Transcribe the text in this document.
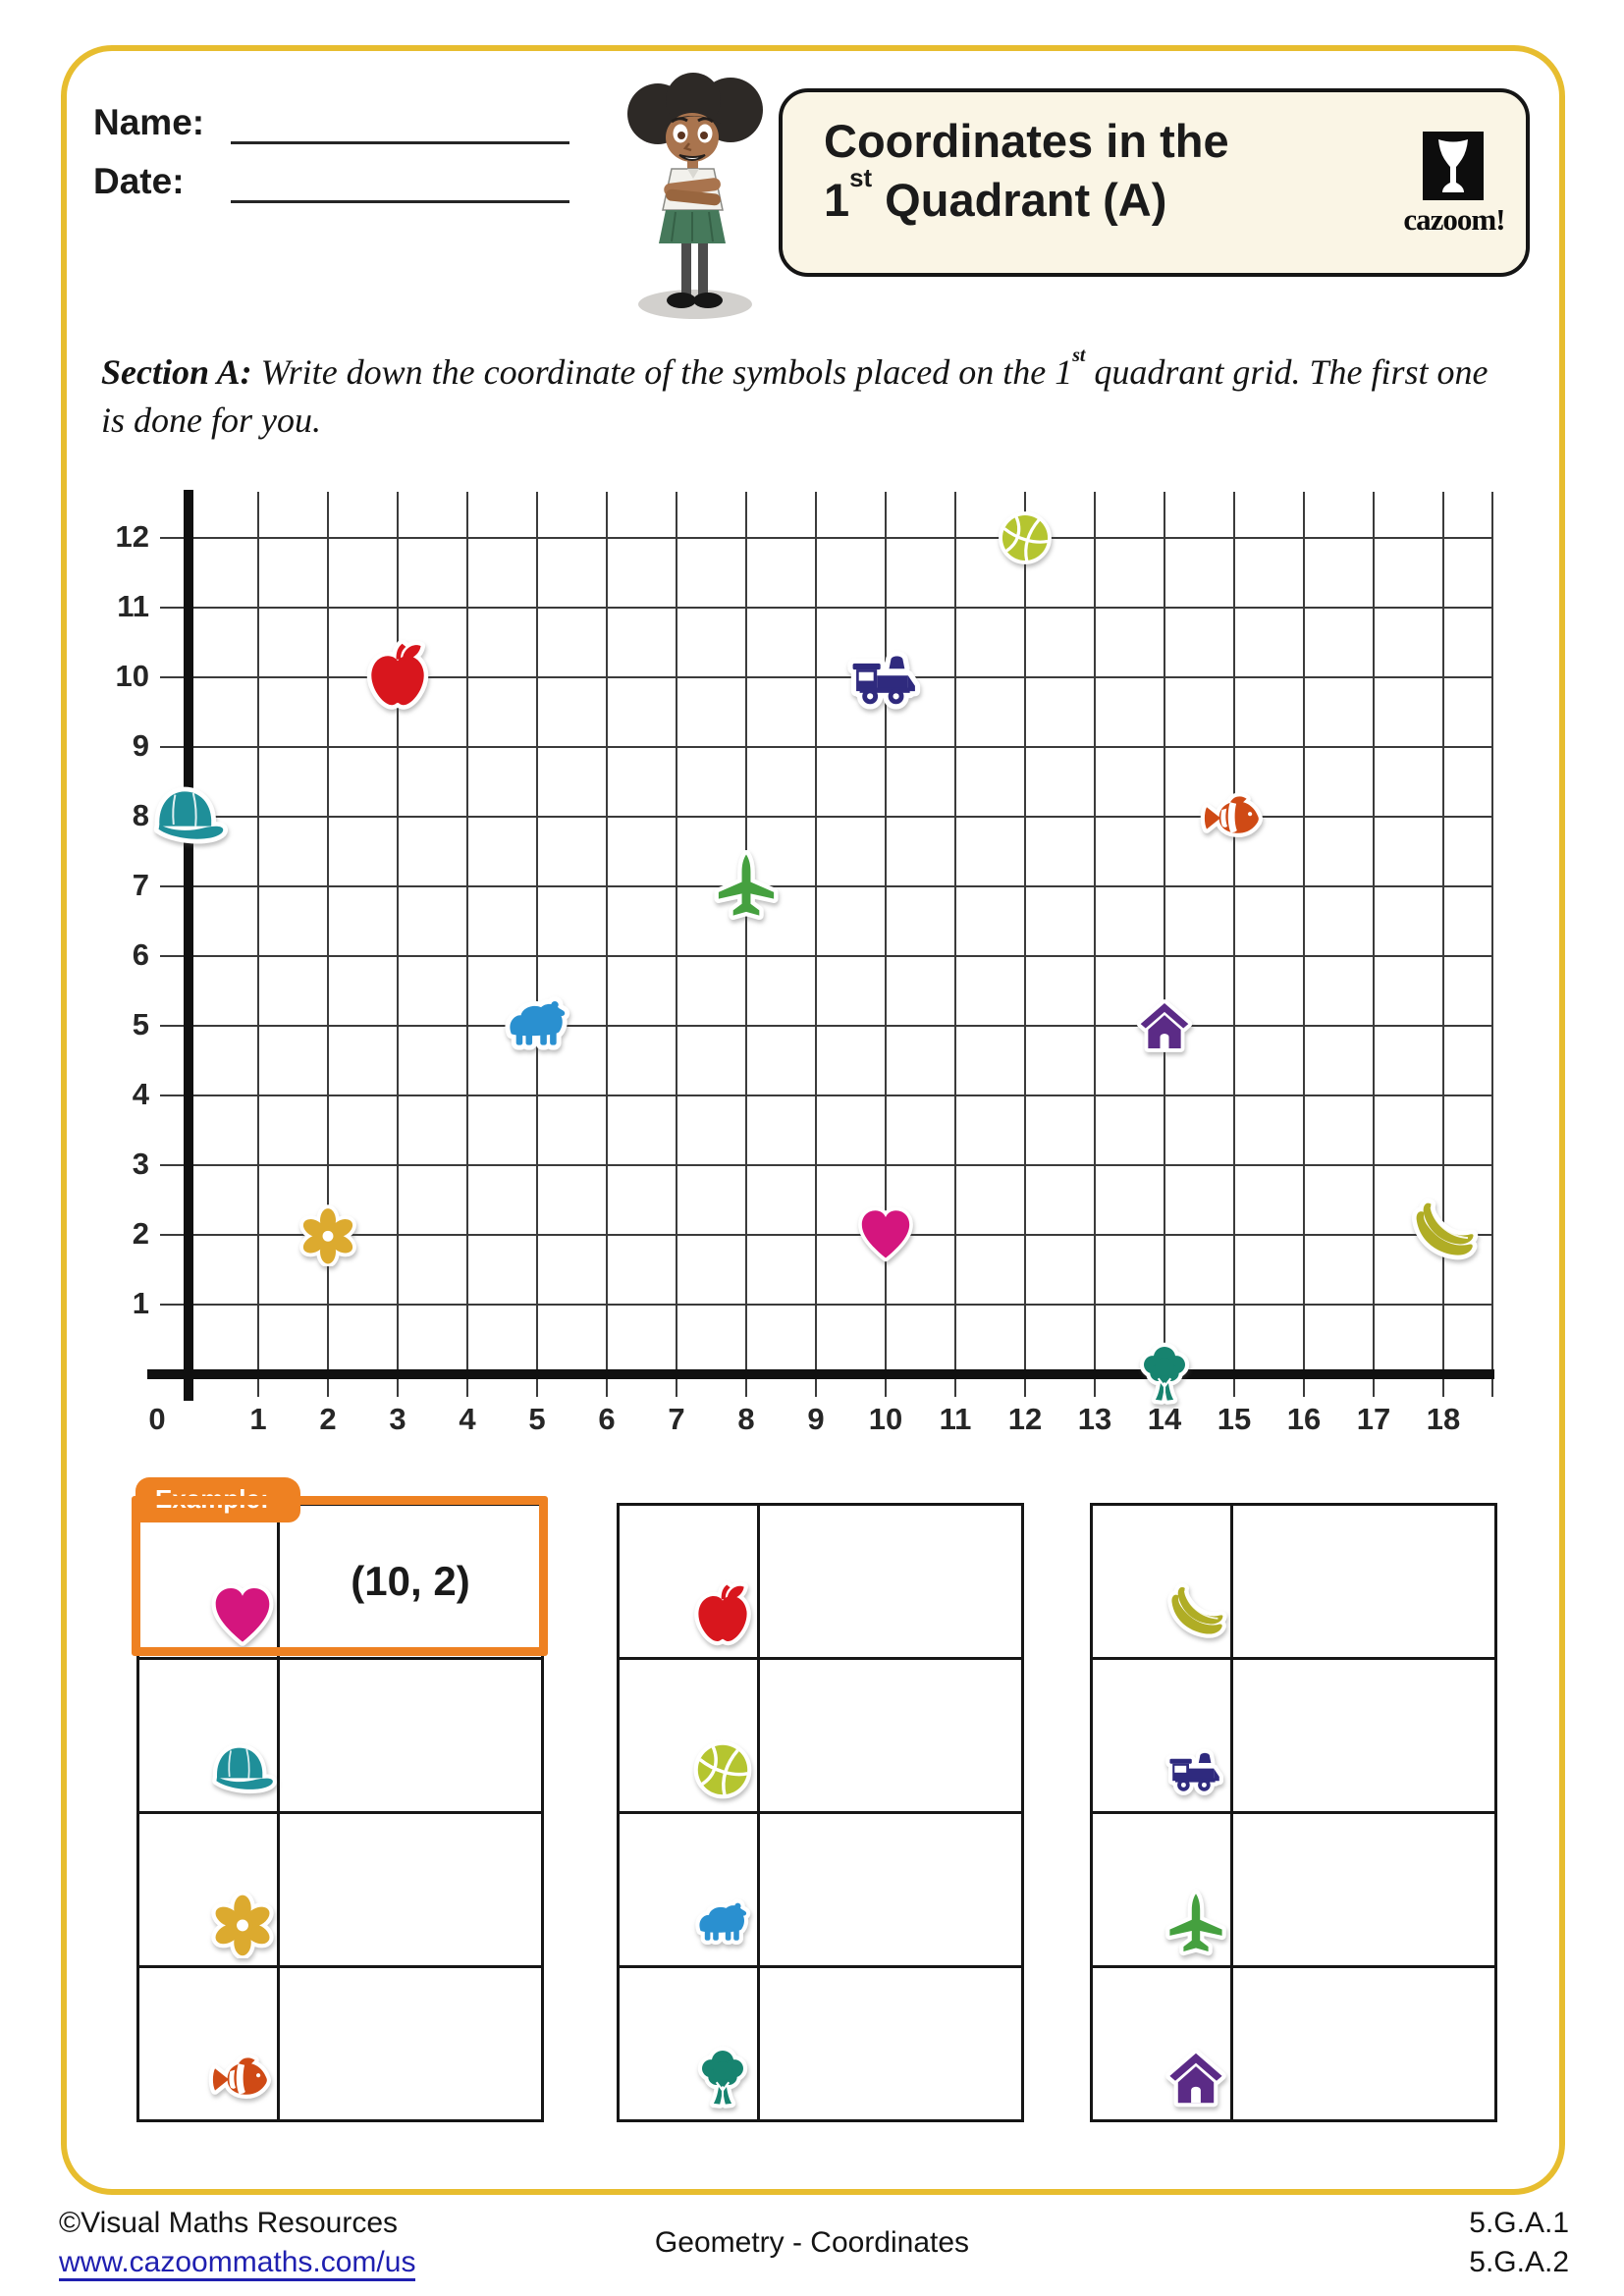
Name:
Date:
Coordinates in the
1st Quadrant (A)	cazoom!
Section A: Write down the coordinate of the symbols placed on the 1st quadrant grid. The first one
is done for you.
1
2
3
4
5
6
7
8
9
10
11
12
1	2	3	4	5	6	7	8	9	10	11	12	13	14	15	16	17	18
0
Example:
	(10, 2)

©Visual Maths Resources
www.cazoommaths.com/us
Geometry - Coordinates
5.G.A.1
5.G.A.2
